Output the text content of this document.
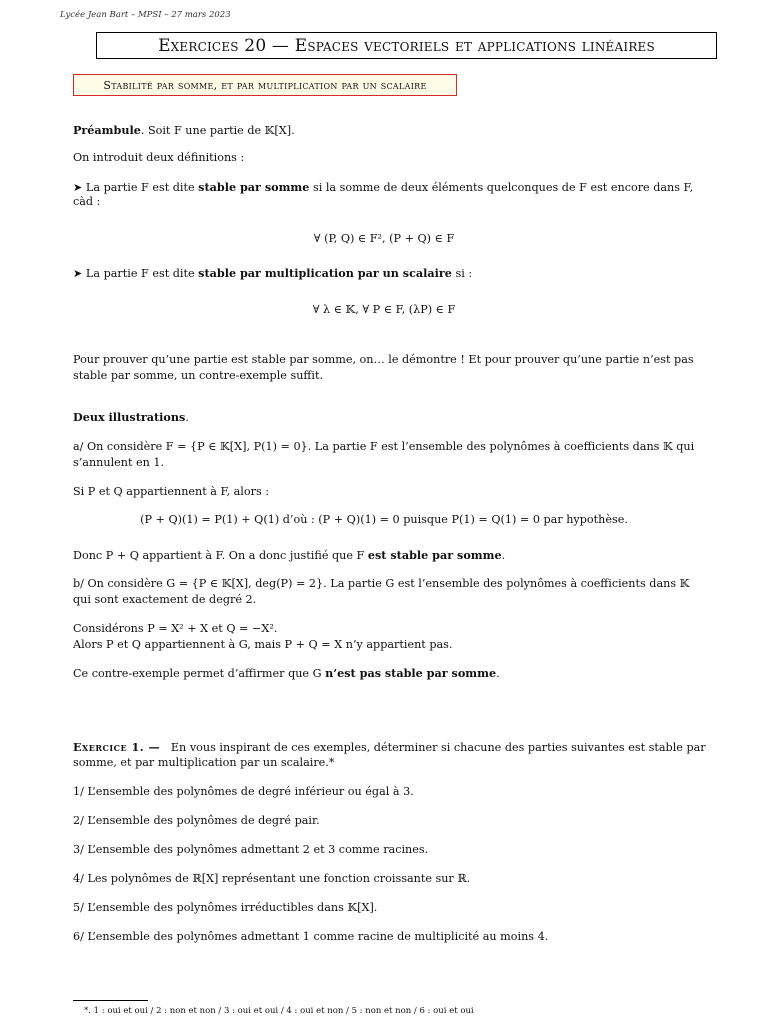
Lycée Jean Bart – MPSI – 27 mars 2023
Exercices 20 — Espaces vectoriels et applications linéaires
Stabilité par somme, et par multiplication par un scalaire
Préambule. Soit F une partie de 𝕂[X].
On introduit deux définitions :
➤ La partie F est dite stable par somme si la somme de deux éléments quelconques de F est encore dans F,
càd :
∀ (P, Q) ∈ F², (P + Q) ∈ F
➤ La partie F est dite stable par multiplication par un scalaire si :
∀ λ ∈ 𝕂, ∀ P ∈ F, (λP) ∈ F
Pour prouver qu’une partie est stable par somme, on… le démontre ! Et pour prouver qu’une partie n’est pas
stable par somme, un contre-exemple suffit.
Deux illustrations.
a/ On considère F = {P ∈ 𝕂[X], P(1) = 0}. La partie F est l’ensemble des polynômes à coefficients dans 𝕂 qui
s’annulent en 1.
Si P et Q appartiennent à F, alors :
(P + Q)(1) = P(1) + Q(1) d’où : (P + Q)(1) = 0 puisque P(1) = Q(1) = 0 par hypothèse.
Donc P + Q appartient à F. On a donc justifié que F est stable par somme.
b/ On considère G = {P ∈ 𝕂[X], deg(P) = 2}. La partie G est l’ensemble des polynômes à coefficients dans 𝕂
qui sont exactement de degré 2.
Considérons P = X² + X et Q = −X².
Alors P et Q appartiennent à G, mais P + Q = X n’y appartient pas.
Ce contre-exemple permet d’affirmer que G n’est pas stable par somme.
Exercice 1. — En vous inspirant de ces exemples, déterminer si chacune des parties suivantes est stable par
somme, et par multiplication par un scalaire.*
1/ L’ensemble des polynômes de degré inférieur ou égal à 3.
2/ L’ensemble des polynômes de degré pair.
3/ L’ensemble des polynômes admettant 2 et 3 comme racines.
4/ Les polynômes de ℝ[X] représentant une fonction croissante sur ℝ.
5/ L’ensemble des polynômes irréductibles dans 𝕂[X].
6/ L’ensemble des polynômes admettant 1 comme racine de multiplicité au moins 4.
*. 1 : oui et oui / 2 : non et non / 3 : oui et oui / 4 : oui et non / 5 : non et non / 6 : oui et oui
